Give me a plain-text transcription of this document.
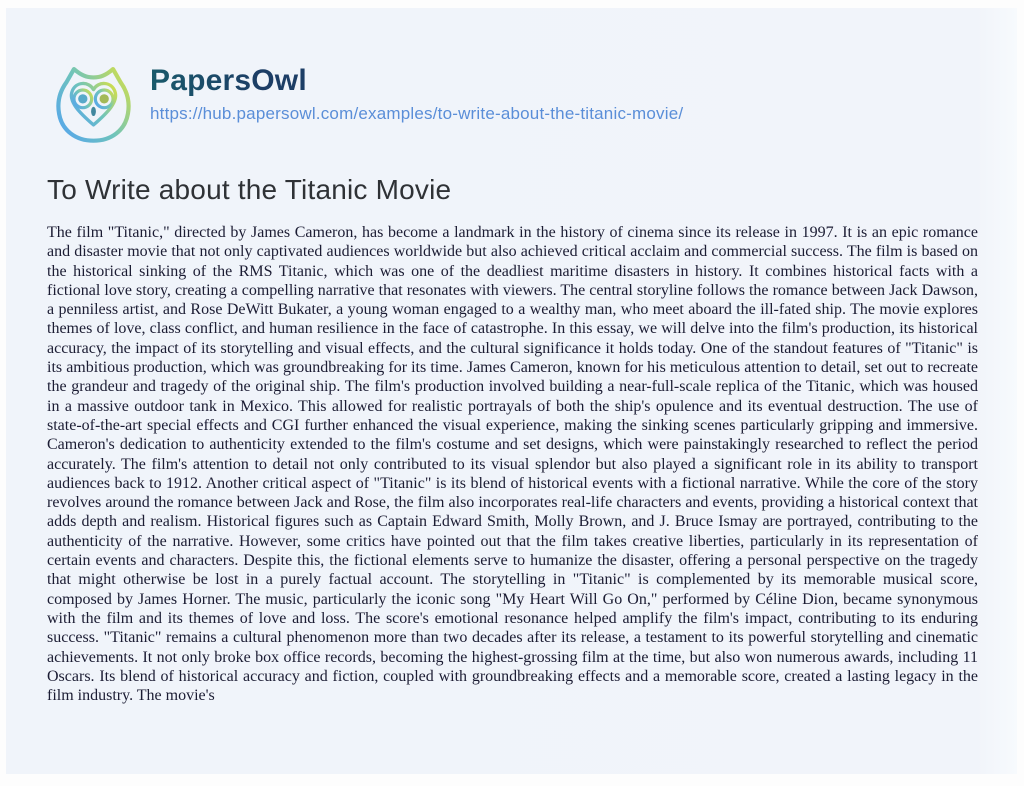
PapersOwl
https://hub.papersowl.com/examples/to-write-about-the-titanic-movie/
To Write about the Titanic Movie

The film "Titanic," directed by James Cameron, has become a landmark in the history of cinema since its release in 1997. It is an epic romance and disaster movie that not only captivated audiences worldwide but also achieved critical acclaim and commercial success. The film is based on the historical sinking of the RMS Titanic, which was one of the deadliest maritime disasters in history. It combines historical facts with a fictional love story, creating a compelling narrative that resonates with viewers. The central storyline follows the romance between Jack Dawson, a penniless artist, and Rose DeWitt Bukater, a young woman engaged to a wealthy man, who meet aboard the ill-fated ship. The movie explores themes of love, class conflict, and human resilience in the face of catastrophe. In this essay, we will delve into the film's production, its historical accuracy, the impact of its storytelling and visual effects, and the cultural significance it holds today. One of the standout features of "Titanic" is its ambitious production, which was groundbreaking for its time. James Cameron, known for his meticulous attention to detail, set out to recreate the grandeur and tragedy of the original ship. The film's production involved building a near-full-scale replica of the Titanic, which was housed in a massive outdoor tank in Mexico. This allowed for realistic portrayals of both the ship's opulence and its eventual destruction. The use of state-of-the-art special effects and CGI further enhanced the visual experience, making the sinking scenes particularly gripping and immersive. Cameron's dedication to authenticity extended to the film's costume and set designs, which were painstakingly researched to reflect the period accurately. The film's attention to detail not only contributed to its visual splendor but also played a significant role in its ability to transport audiences back to 1912. Another critical aspect of "Titanic" is its blend of historical events with a fictional narrative. While the core of the story revolves around the romance between Jack and Rose, the film also incorporates real-life characters and events, providing a historical context that adds depth and realism. Historical figures such as Captain Edward Smith, Molly Brown, and J. Bruce Ismay are portrayed, contributing to the authenticity of the narrative. However, some critics have pointed out that the film takes creative liberties, particularly in its representation of certain events and characters. Despite this, the fictional elements serve to humanize the disaster, offering a personal perspective on the tragedy that might otherwise be lost in a purely factual account. The storytelling in "Titanic" is complemented by its memorable musical score, composed by James Horner. The music, particularly the iconic song "My Heart Will Go On," performed by Céline Dion, became synonymous with the film and its themes of love and loss. The score's emotional resonance helped amplify the film's impact, contributing to its enduring success. "Titanic" remains a cultural phenomenon more than two decades after its release, a testament to its powerful storytelling and cinematic achievements. It not only broke box office records, becoming the highest-grossing film at the time, but also won numerous awards, including 11 Oscars. Its blend of historical accuracy and fiction, coupled with groundbreaking effects and a memorable score, created a lasting legacy in the film industry. The movie's
